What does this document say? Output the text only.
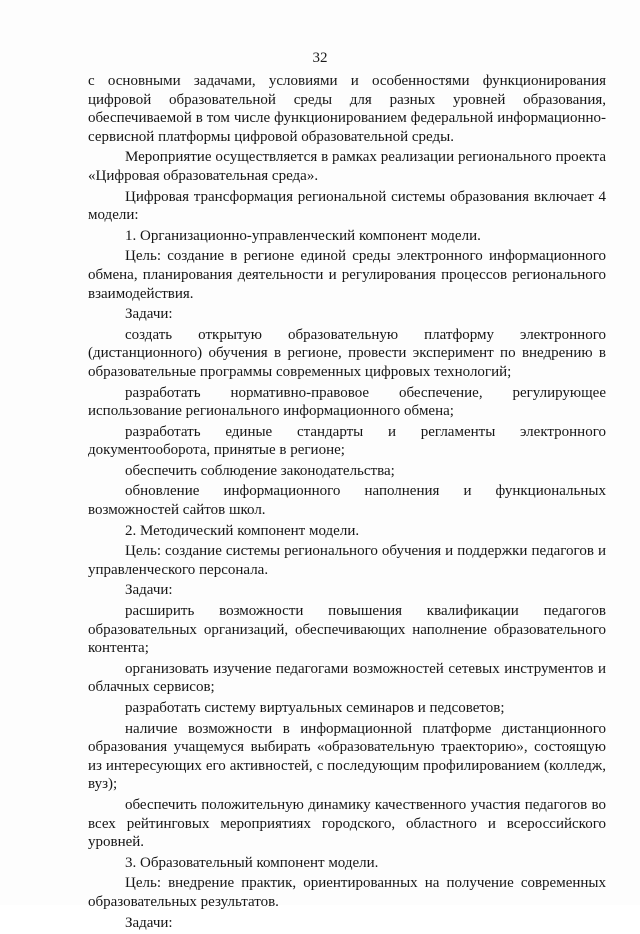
32

с основными задачами, условиями и особенностями функционирования цифровой образовательной среды для разных уровней образования, обеспечиваемой в том числе функционированием федеральной информационно-сервисной платформы цифровой образовательной среды.

Мероприятие осуществляется в рамках реализации регионального проекта «Цифровая образовательная среда».

Цифровая трансформация региональной системы образования включает 4 модели:

1. Организационно-управленческий компонент модели.

Цель: создание в регионе единой среды электронного информационного обмена, планирования деятельности и регулирования процессов регионального взаимодействия.

Задачи:

создать открытую образовательную платформу электронного (дистанционного) обучения в регионе, провести эксперимент по внедрению в образовательные программы современных цифровых технологий;

разработать нормативно-правовое обеспечение, регулирующее использование регионального информационного обмена;

разработать единые стандарты и регламенты электронного документооборота, принятые в регионе;

обеспечить соблюдение законодательства;

обновление информационного наполнения и функциональных возможностей сайтов школ.

2. Методический компонент модели.

Цель: создание системы регионального обучения и поддержки педагогов и управленческого персонала.

Задачи:

расширить возможности повышения квалификации педагогов образовательных организаций, обеспечивающих наполнение образовательного контента;

организовать изучение педагогами возможностей сетевых инструментов и облачных сервисов;

разработать систему виртуальных семинаров и педсоветов;

наличие возможности в информационной платформе дистанционного образования учащемуся выбирать «образовательную траекторию», состоящую из интересующих его активностей, с последующим профилированием (колледж, вуз);

обеспечить положительную динамику качественного участия педагогов во всех рейтинговых мероприятиях городского, областного и всероссийского уровней.

3. Образовательный компонент модели.

Цель: внедрение практик, ориентированных на получение современных образовательных результатов.

Задачи:
